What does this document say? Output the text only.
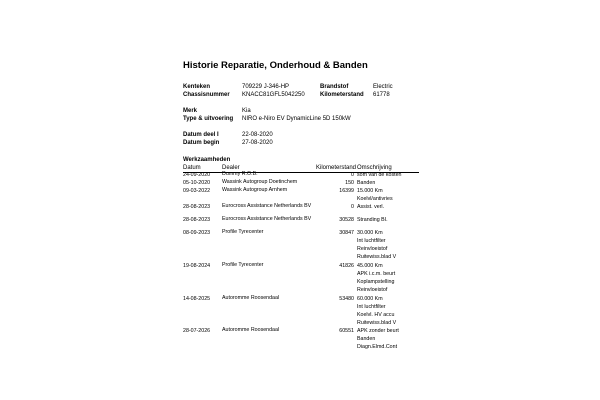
Historie Reparatie, Onderhoud & Banden
Kenteken	709229 J-346-HP	Brandstof	Electric
Chassisnummer KNACC81GFL5042250	Kilometerstand 61778
Merk	Kia
Type & uitvoering NIRO e-Niro EV DynamicLine 5D 150kW
Datum deel I	22-08-2020
Datum begin	27-08-2020
Werkzaamheden
Datum	Dealer	Kilometerstand Omschrijving
24-09-2020 Dummy R.O.B.	0 som van de kosten
05-10-2020 Wassink Autogroup Doetinchem	150 Banden
09-03-2022 Wassink Autogroup Arnhem	16399 15.000 Km
Koelvl/antivries
28-08-2023 Eurocross Assistance Netherlands BV	0 Assist. verl.
28-08-2023 Eurocross Assistance Netherlands BV	30528 Stranding BI.
08-09-2023 Profile Tyrecenter	30847 30.000 Km
Int luchtfilter
Reinvloeistof
Ruitewiss.blad V
19-08-2024 Profile Tyrecenter	41826 45.000 Km
APK i.c.m. beurt
Koplampstelling
Reinvloeistof
14-08-2025 Autoromme Roosendaal	53480 60.000 Km
Int luchtfilter
Koelvl. HV accu
Ruitewiss.blad V
28-07-2026 Autoromme Roosendaal	60551 APK zonder beurt
Banden
Diagn.Elmd.Cont
